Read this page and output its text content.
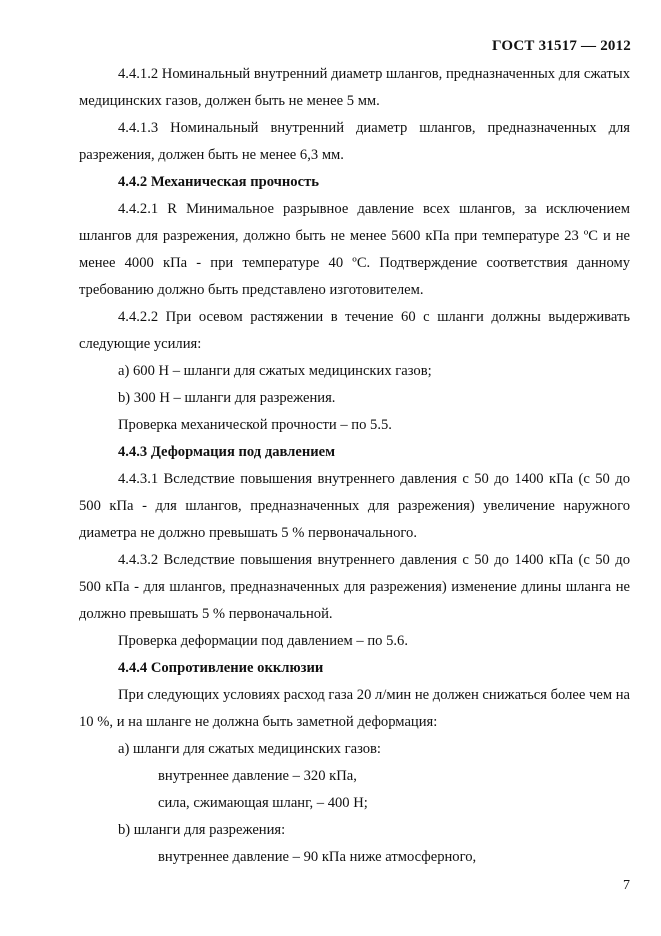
ГОСТ 31517 — 2012

4.4.1.2 Номинальный внутренний диаметр шлангов, предназначенных для сжатых медицинских газов, должен быть не менее 5 мм.

4.4.1.3 Номинальный внутренний диаметр шлангов, предназначенных для разрежения, должен быть не менее 6,3 мм.

4.4.2 Механическая прочность

4.4.2.1 R Минимальное разрывное давление всех шлангов, за исключением шлангов для разрежения, должно быть не менее 5600 кПа при температуре 23 ºС и не менее 4000 кПа - при температуре 40 ºС. Подтверждение соответствия данному требованию должно быть представлено изготовителем.

4.4.2.2 При осевом растяжении в течение 60 с шланги должны выдерживать следующие усилия:

a) 600 Н – шланги для сжатых медицинских газов;

b) 300 Н – шланги для разрежения.

Проверка механической прочности – по 5.5.

4.4.3 Деформация под давлением

4.4.3.1 Вследствие повышения внутреннего давления с 50 до 1400 кПа (с 50 до 500 кПа - для шлангов, предназначенных для разрежения) увеличение наружного диаметра не должно превышать 5 % первоначального.

4.4.3.2 Вследствие повышения внутреннего давления с 50 до 1400 кПа (с 50 до 500 кПа - для шлангов, предназначенных для разрежения) изменение длины шланга не должно превышать 5 % первоначальной.

Проверка деформации под давлением – по 5.6.

4.4.4 Сопротивление окклюзии

При следующих условиях расход газа 20 л/мин не должен снижаться более чем на 10 %, и на шланге не должна быть заметной деформация:

a) шланги для сжатых медицинских газов:

внутреннее давление – 320 кПа,

сила, сжимающая шланг, – 400 Н;

b) шланги для разрежения:

внутреннее давление – 90 кПа ниже атмосферного,

7
